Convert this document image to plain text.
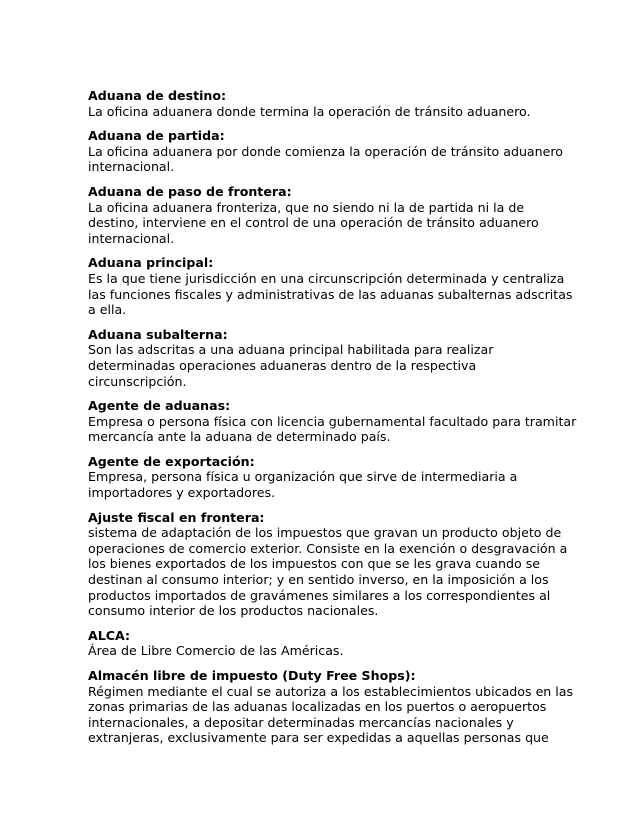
Aduana de destino:
La oficina aduanera donde termina la operación de tránsito aduanero.
Aduana de partida:
La oficina aduanera por donde comienza la operación de tránsito aduanero internacional.
Aduana de paso de frontera:
La oficina aduanera fronteriza, que no siendo ni la de partida ni la de destino, interviene en el control de una operación de tránsito aduanero internacional.
Aduana principal:
Es la que tiene jurisdicción en una circunscripción determinada y centraliza las funciones fiscales y administrativas de las aduanas subalternas adscritas a ella.
Aduana subalterna:
Son las adscritas a una aduana principal habilitada para realizar determinadas operaciones aduaneras dentro de la respectiva circunscripción.
Agente de aduanas:
Empresa o persona física con licencia gubernamental facultado para tramitar mercancía ante la aduana de determinado país.
Agente de exportación:
Empresa, persona física u organización que sirve de intermediaria a importadores y exportadores.
Ajuste fiscal en frontera:
sistema de adaptación de los impuestos que gravan un producto objeto de operaciones de comercio exterior. Consiste en la exención o desgravación a los bienes exportados de los impuestos con que se les grava cuando se destinan al consumo interior; y en sentido inverso, en la imposición a los productos importados de gravámenes similares a los correspondientes al consumo interior de los productos nacionales.
ALCA:
Área de Libre Comercio de las Américas.
Almacén libre de impuesto (Duty Free Shops):
Régimen mediante el cual se autoriza a los establecimientos ubicados en las zonas primarias de las aduanas localizadas en los puertos o aeropuertos internacionales, a depositar determinadas mercancías nacionales y extranjeras, exclusivamente para ser expedidas a aquellas personas que
